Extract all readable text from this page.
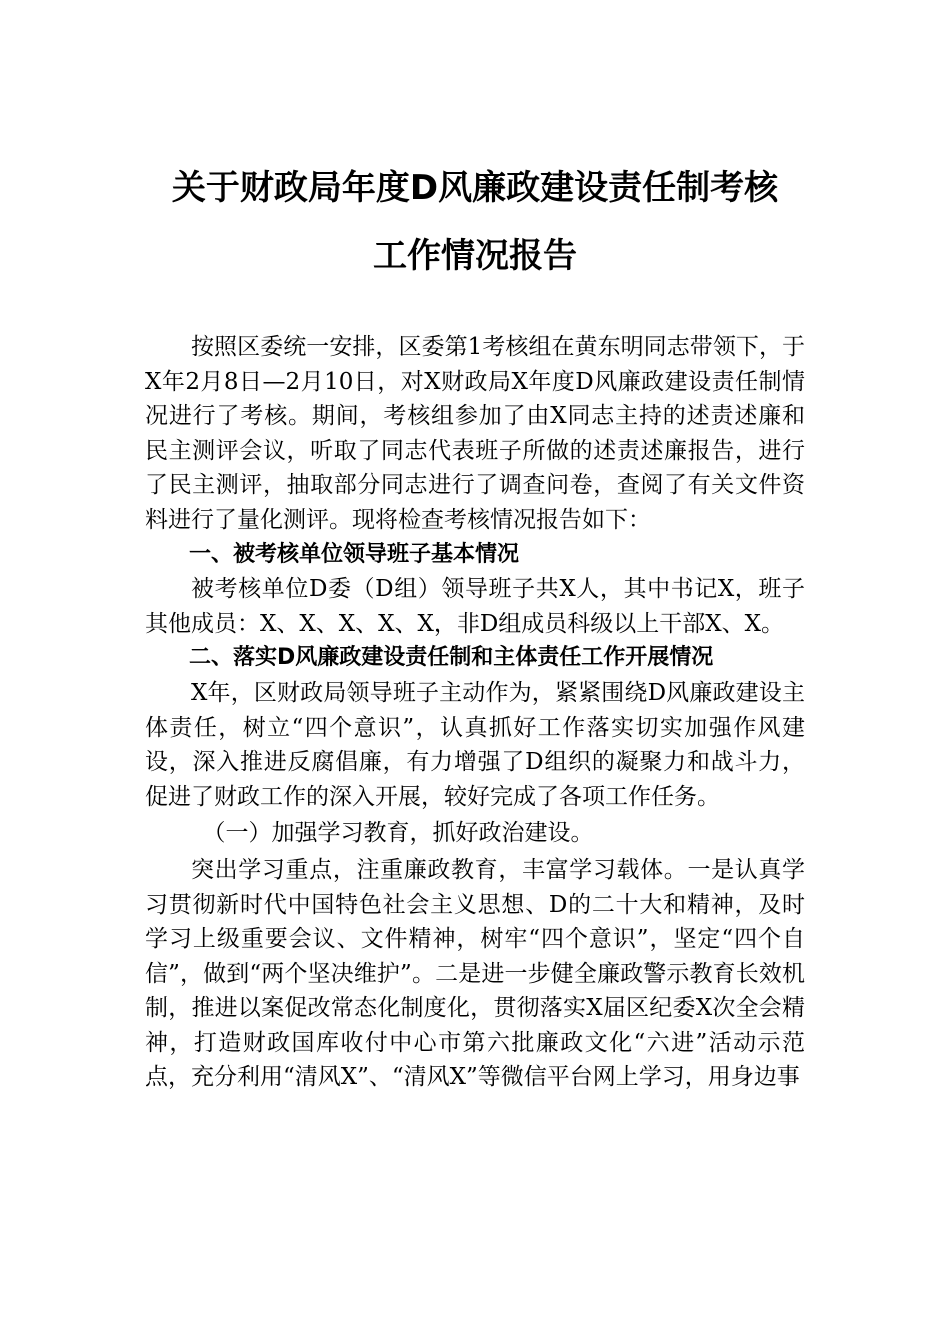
关于财政局年度D风廉政建设责任制考核
工作情况报告

按照区委统一安排，区委第1考核组在黄东明同志带领下，于X年2月8日—2月10日，对X财政局X年度D风廉政建设责任制情况进行了考核。期间，考核组参加了由X同志主持的述责述廉和民主测评会议，听取了同志代表班子所做的述责述廉报告，进行了民主测评，抽取部分同志进行了调查问卷，查阅了有关文件资料进行了量化测评。现将检查考核情况报告如下：

一、被考核单位领导班子基本情况

被考核单位D委（D组）领导班子共X人，其中书记X，班子其他成员：X、X、X、X、X，非D组成员科级以上干部X、X。

二、落实D风廉政建设责任制和主体责任工作开展情况

X年，区财政局领导班子主动作为，紧紧围绕D风廉政建设主体责任，树立“四个意识”，认真抓好工作落实切实加强作风建设，深入推进反腐倡廉，有力增强了D组织的凝聚力和战斗力，促进了财政工作的深入开展，较好完成了各项工作任务。

（一）加强学习教育，抓好政治建设。

突出学习重点，注重廉政教育，丰富学习载体。一是认真学习贯彻新时代中国特色社会主义思想、D的二十大和精神，及时学习上级重要会议、文件精神，树牢“四个意识”，坚定“四个自信”，做到“两个坚决维护”。二是进一步健全廉政警示教育长效机制，推进以案促改常态化制度化，贯彻落实X届区纪委X次全会精神，打造财政国库收付中心市第六批廉政文化“六进”活动示范点，充分利用“清风X”、“清风X”等微信平台网上学习，用身边事
